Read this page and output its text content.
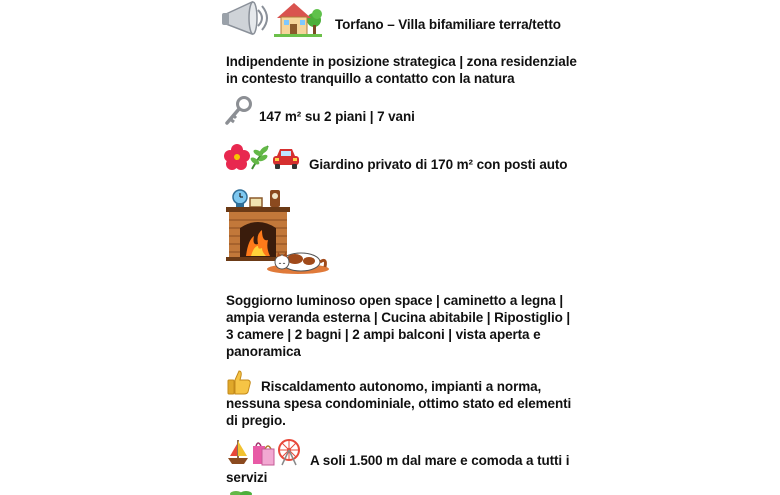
Torfano – Villa bifamiliare terra/tetto
Indipendente in posizione strategica | zona residenziale
in contesto tranquillo a contatto con la natura
147 m² su 2 piani | 7 vani
Giardino privato di 170 m² con posti auto
Soggiorno luminoso open space | caminetto a legna |
ampia veranda esterna | Cucina abitabile | Ripostiglio |
3 camere | 2 bagni | 2 ampi balconi | vista aperta e
panoramica
Riscaldamento autonomo, impianti a norma,
nessuna spesa condominiale, ottimo stato ed elementi
di pregio.
A soli 1.500 m dal mare e comoda a tutti i
servizi
